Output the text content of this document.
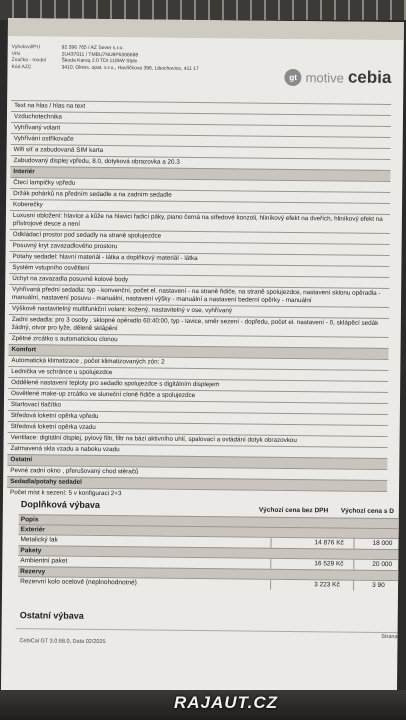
Vyhotovil/PU	92 396 765 / AZ Sever s.r.o.
VIN	2U437011 / TMBU7NU8P5006688
Značka - model	Škoda Karoq 2.0 TDI 110kW Style
Kód AZC	3410, Okres, opat. s.r.o., Havlíčkova 396, Libochovice, 411 17
gt motive cebia
Text na hlas / hlas na text
Vzduchotechnika
Vyhřívaný volant
Vyhřívání ostřikovače
Wifi síť a zabudovaná SIM karta
Zabudovaný displej vpředu, 8.0, dotyková obrazovka a 20.3
Interiér
Čtecí lampičky vpředu
Držák pohárků na předním sedadle a na zadním sedadle
Koberečky
Luxusní obložení: hlavice a kůže na hlavici řadicí páky, piano černá na středové konzoli, hliníkový efekt na dveřích, hliníkový efekt na přístrojové desce a není
Odkládací prostor pod sedadly na straně spolujezdce
Posuvný kryt zavazadlového prostoru
Potahy sedadel: hlavní materiál - látka a doplňkový materiál - látka
Systém vstupního osvětlení
Úchyt na zavazadla posuvné kolové body
Vyhřívaná přední sedadla: typ - konvenční, počet el. nastavení - na straně řidiče, na straně spolujezdce, nastavení sklonu opěradla - manuální, nastavení posuvu - manuální, nastavení výšky - manuální a nastavení bederní opěrky - manuální
Výškově nastavitelný multifunkční volant: kožený, nastavitelný v ose, vyhřívaný
Zadní sedadla: pro 3 osoby , sklopné opěradlo 60:40:00, typ - lavice, směr sezení - dopředu, počet el. nastavení - 0, sklápěcí sedák žádný, otvor pro lyže, děleně sklápění
Zpětné zrcátko s automatickou clonou
Komfort
Automatická klimatizace , počet klimatizovaných zón: 2
Lednička ve schránce u spolujezdce
Oddělené nastavení teploty pro sedadlo spolujezdce s digitálním displejem
Osvětlené make-up zrcátko ve sluneční cloně řidiče a spolujezdce
Startovací tlačítko
Středová loketní opěrka vpředu
Středová loketní opěrka vzadu
Ventilace: digitální displej, pylový filtr, filtr na bázi aktivního uhlí, spalovací a ovládání dotyk obrazovkou
Zatmavená skla vzadu a naboku vzadu
Ostatní
Pevné zadní okno , přerušovaný chod stěračů
Sedadla/potahy sedadel
Počet míst k sezení: 5 v konfiguraci 2+3
Doplňková výbava
Výchozí cena bez DPH Výchozí cena s D
Popis
Exteriér
Metalický lak	14 876 Kč	18 000
Pakety
Ambientní paket	16 529 Kč	20 000
Rezervy
Rezervní kolo ocelové (neplnohodnotné)	3 223 Kč	3 90
Ostatní výbava
CebiCal GT 3.0.68.0, Data 02/2025
Strana
RAJAUT.CZ
